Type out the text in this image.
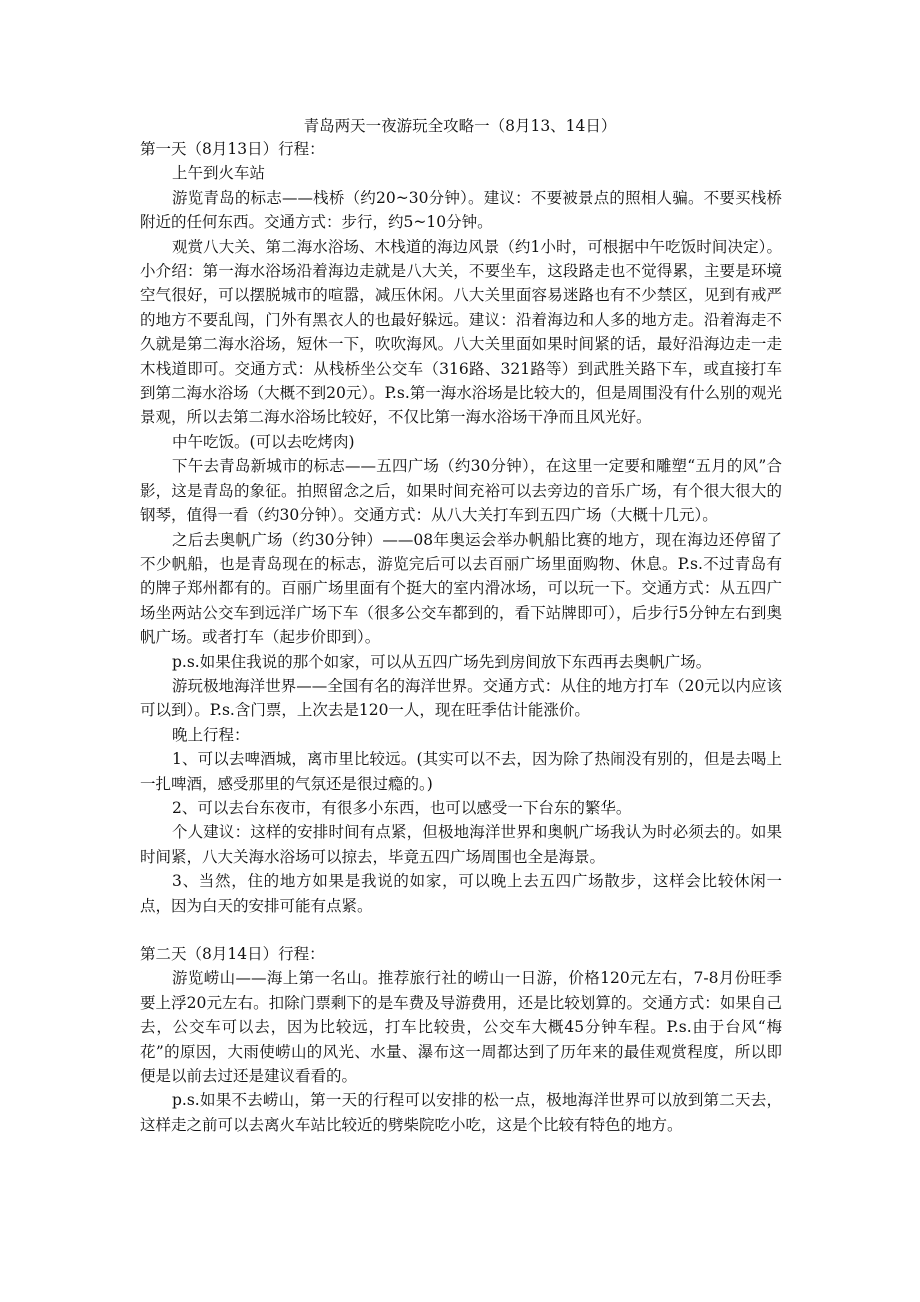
青岛两天一夜游玩全攻略一（8月13、14日）

第一天（8月13日）行程：

上午到火车站

游览青岛的标志——栈桥（约20~30分钟）。建议：不要被景点的照相人骗。不要买栈桥附近的任何东西。交通方式：步行，约5~10分钟。

观赏八大关、第二海水浴场、木栈道的海边风景（约1小时，可根据中午吃饭时间决定）。小介绍：第一海水浴场沿着海边走就是八大关，不要坐车，这段路走也不觉得累，主要是环境空气很好，可以摆脱城市的喧嚣，减压休闲。八大关里面容易迷路也有不少禁区，见到有戒严的地方不要乱闯，门外有黑衣人的也最好躲远。建议：沿着海边和人多的地方走。沿着海走不久就是第二海水浴场，短休一下，吹吹海风。八大关里面如果时间紧的话，最好沿海边走一走木栈道即可。交通方式：从栈桥坐公交车（316路、321路等）到武胜关路下车，或直接打车到第二海水浴场（大概不到20元）。P.s.第一海水浴场是比较大的，但是周围没有什么别的观光景观，所以去第二海水浴场比较好，不仅比第一海水浴场干净而且风光好。

中午吃饭。(可以去吃烤肉)

下午去青岛新城市的标志——五四广场（约30分钟），在这里一定要和雕塑“五月的风”合影，这是青岛的象征。拍照留念之后，如果时间充裕可以去旁边的音乐广场，有个很大很大的钢琴，值得一看（约30分钟）。交通方式：从八大关打车到五四广场（大概十几元）。

之后去奥帆广场（约30分钟）——08年奥运会举办帆船比赛的地方，现在海边还停留了不少帆船，也是青岛现在的标志，游览完后可以去百丽广场里面购物、休息。P.s.不过青岛有的牌子郑州都有的。百丽广场里面有个挺大的室内滑冰场，可以玩一下。交通方式：从五四广场坐两站公交车到远洋广场下车（很多公交车都到的，看下站牌即可），后步行5分钟左右到奥帆广场。或者打车（起步价即到）。

p.s.如果住我说的那个如家，可以从五四广场先到房间放下东西再去奥帆广场。

游玩极地海洋世界——全国有名的海洋世界。交通方式：从住的地方打车（20元以内应该可以到）。P.s.含门票，上次去是120一人，现在旺季估计能涨价。

晚上行程：

1、可以去啤酒城，离市里比较远。(其实可以不去，因为除了热闹没有别的，但是去喝上一扎啤酒，感受那里的气氛还是很过瘾的。)

2、可以去台东夜市，有很多小东西，也可以感受一下台东的繁华。

个人建议：这样的安排时间有点紧，但极地海洋世界和奥帆广场我认为时必须去的。如果时间紧，八大关海水浴场可以掠去，毕竟五四广场周围也全是海景。

3、当然，住的地方如果是我说的如家，可以晚上去五四广场散步，这样会比较休闲一点，因为白天的安排可能有点紧。

第二天（8月14日）行程：

游览崂山——海上第一名山。推荐旅行社的崂山一日游，价格120元左右，7-8月份旺季要上浮20元左右。扣除门票剩下的是车费及导游费用，还是比较划算的。交通方式：如果自己去，公交车可以去，因为比较远，打车比较贵，公交车大概45分钟车程。P.s.由于台风“梅花”的原因，大雨使崂山的风光、水量、瀑布这一周都达到了历年来的最佳观赏程度，所以即便是以前去过还是建议看看的。

p.s.如果不去崂山，第一天的行程可以安排的松一点，极地海洋世界可以放到第二天去，这样走之前可以去离火车站比较近的劈柴院吃小吃，这是个比较有特色的地方。
